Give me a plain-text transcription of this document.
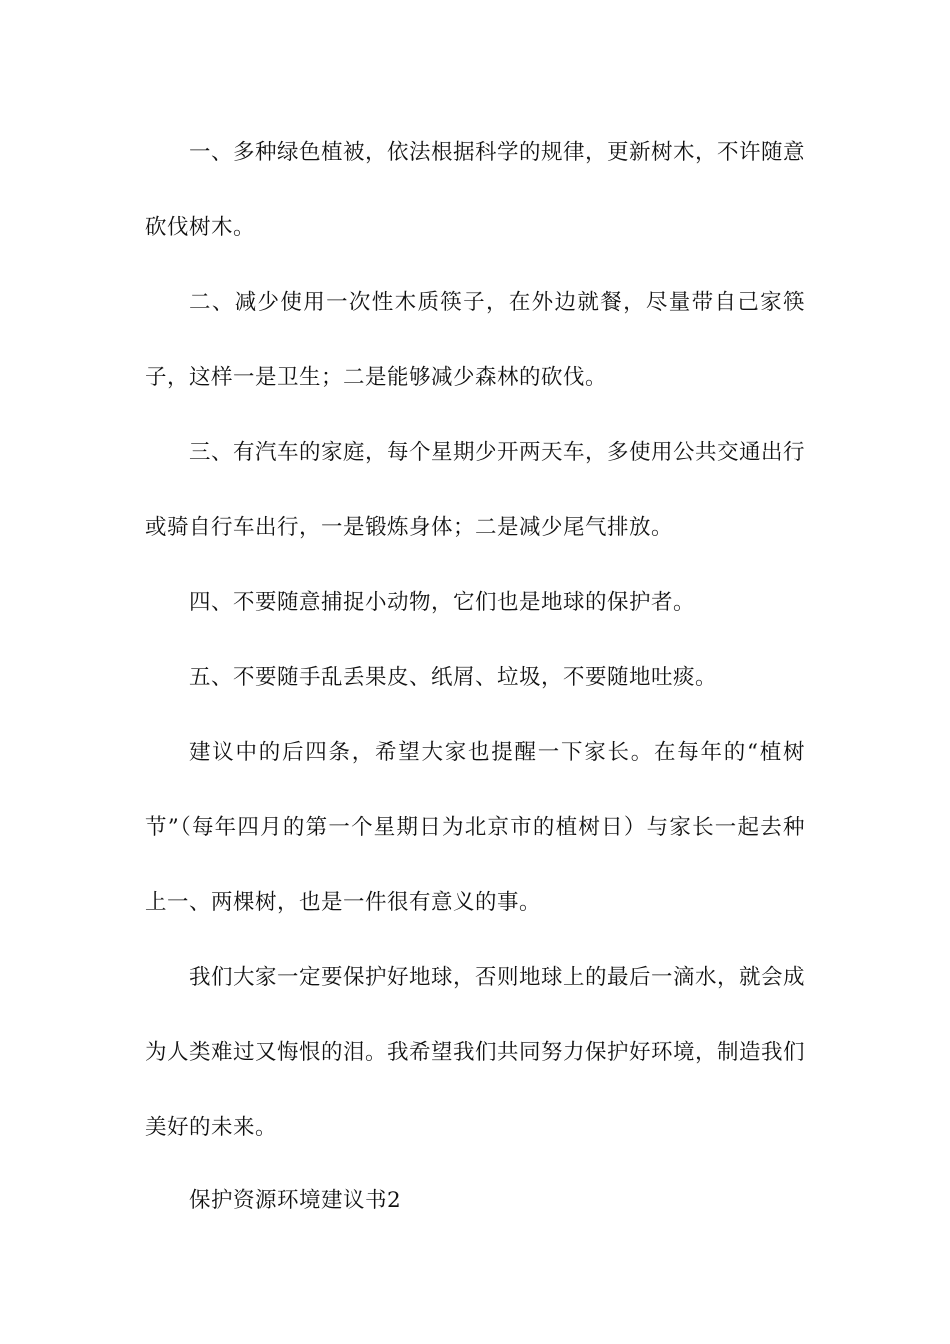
一、多种绿色植被，依法根据科学的规律，更新树木，不许随意砍伐树木。

二、减少使用一次性木质筷子，在外边就餐，尽量带自己家筷子，这样一是卫生；二是能够减少森林的砍伐。

三、有汽车的家庭，每个星期少开两天车，多使用公共交通出行或骑自行车出行，一是锻炼身体；二是减少尾气排放。

四、不要随意捕捉小动物，它们也是地球的保护者。

五、不要随手乱丢果皮、纸屑、垃圾，不要随地吐痰。

建议中的后四条，希望大家也提醒一下家长。在每年的“植树节”（每年四月的第一个星期日为北京市的植树日）与家长一起去种上一、两棵树，也是一件很有意义的事。

我们大家一定要保护好地球，否则地球上的最后一滴水，就会成为人类难过又悔恨的泪。我希望我们共同努力保护好环境，制造我们美好的未来。

保护资源环境建议书2
